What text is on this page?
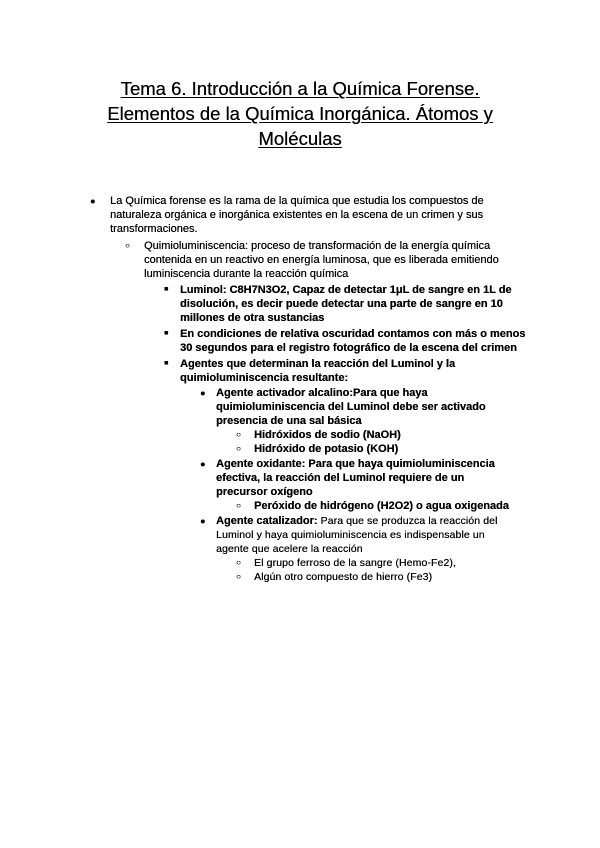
Tema 6. Introducción a la Química Forense.
Elementos de la Química Inorgánica. Átomos y
Moléculas
● La Química forense es la rama de la química que estudia los compuestos de naturaleza orgánica e inorgánica existentes en la escena de un crimen y sus transformaciones.
○ Quimioluminiscencia: proceso de transformación de la energía química contenida en un reactivo en energía luminosa, que es liberada emitiendo luminiscencia durante la reacción química
■ Luminol: C8H7N3O2, Capaz de detectar 1μL de sangre en 1L de disolución, es decir puede detectar una parte de sangre en 10 millones de otra sustancias
■ En condiciones de relativa oscuridad contamos con más o menos 30 segundos para el registro fotográfico de la escena del crimen
■ Agentes que determinan la reacción del Luminol y la quimioluminiscencia resultante:
● Agente activador alcalino:Para que haya quimioluminiscencia del Luminol debe ser activado presencia de una sal básica
○ Hidróxidos de sodio (NaOH)
○ Hidróxido de potasio (KOH)
● Agente oxidante: Para que haya quimioluminiscencia efectiva, la reacción del Luminol requiere de un precursor oxígeno
○ Peróxido de hidrógeno (H2O2) o agua oxigenada
● Agente catalizador: Para que se produzca la reacción del Luminol y haya quimioluminiscencia es indispensable un agente que acelere la reacción
○ El grupo ferroso de la sangre (Hemo-Fe2),
○ Algún otro compuesto de hierro (Fe3)
